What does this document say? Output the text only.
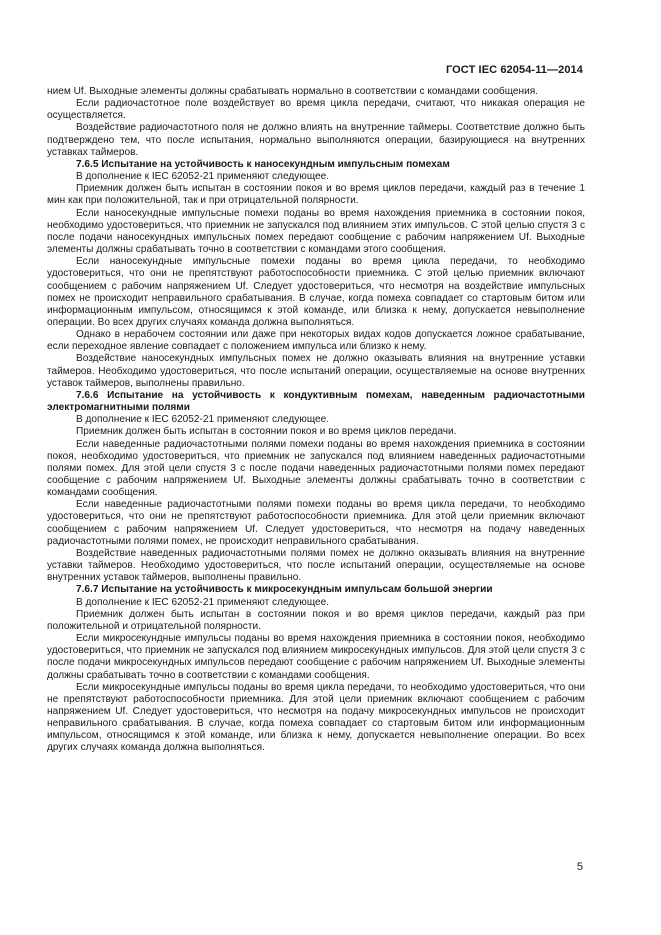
ГОСТ IEC 62054-11—2014

нием Uf. Выходные элементы должны срабатывать нормально в соответствии с командами сообщения.

Если радиочастотное поле воздействует во время цикла передачи, считают, что никакая операция не осуществляется.

Воздействие радиочастотного поля не должно влиять на внутренние таймеры. Соответствие должно быть подтверждено тем, что после испытания, нормально выполняются операции, базирующиеся на внутренних уставках таймеров.

7.6.5 Испытание на устойчивость к наносекундным импульсным помехам

В дополнение к IEC 62052-21 применяют следующее.

Приемник должен быть испытан в состоянии покоя и во время циклов передачи, каждый раз в течение 1 мин как при положительной, так и при отрицательной полярности.

Если наносекундные импульсные помехи поданы во время нахождения приемника в состоянии покоя, необходимо удостовериться, что приемник не запускался под влиянием этих импульсов. С этой целью спустя 3 с после подачи наносекундных импульсных помех передают сообщение с рабочим напряжением Uf. Выходные элементы должны срабатывать точно в соответствии с командами этого сообщения.

Если наносекундные импульсные помехи поданы во время цикла передачи, то необходимо удостовериться, что они не препятствуют работоспособности приемника. С этой целью приемник включают сообщением с рабочим напряжением Uf. Следует удостовериться, что несмотря на воздействие импульсных помех не происходит неправильного срабатывания. В случае, когда помеха совпадает со стартовым битом или информационным импульсом, относящимся к этой команде, или близка к нему, допускается невыполнение операции. Во всех других случаях команда должна выполняться.

Однако в нерабочем состоянии или даже при некоторых видах кодов допускается ложное срабатывание, если переходное явление совпадает с положением импульса или близко к нему.

Воздействие наносекундных импульсных помех не должно оказывать влияния на внутренние уставки таймеров. Необходимо удостовериться, что после испытаний операции, осуществляемые на основе внутренних уставок таймеров, выполнены правильно.

7.6.6 Испытание на устойчивость к кондуктивным помехам, наведенным радиочастотными электромагнитными полями

В дополнение к IEC 62052-21 применяют следующее.

Приемник должен быть испытан в состоянии покоя и во время циклов передачи.

Если наведенные радиочастотными полями помехи поданы во время нахождения приемника в состоянии покоя, необходимо удостовериться, что приемник не запускался под влиянием наведенных радиочастотными полями помех. Для этой цели спустя 3 с после подачи наведенных радиочастотными полями помех передают сообщение с рабочим напряжением Uf. Выходные элементы должны срабатывать точно в соответствии с командами сообщения.

Если наведенные радиочастотными полями помехи поданы во время цикла передачи, то необходимо удостовериться, что они не препятствуют работоспособности приемника. Для этой цели приемник включают сообщением с рабочим напряжением Uf. Следует удостовериться, что несмотря на подачу наведенных радиочастотными полями помех, не происходит неправильного срабатывания.

Воздействие наведенных радиочастотными полями помех не должно оказывать влияния на внутренние уставки таймеров. Необходимо удостовериться, что после испытаний операции, осуществляемые на основе внутренних уставок таймеров, выполнены правильно.

7.6.7 Испытание на устойчивость к микросекундным импульсам большой энергии

В дополнение к IEC 62052-21 применяют следующее.

Приемник должен быть испытан в состоянии покоя и во время циклов передачи, каждый раз при положительной и отрицательной полярности.

Если микросекундные импульсы поданы во время нахождения приемника в состоянии покоя, необходимо удостовериться, что приемник не запускался под влиянием микросекундных импульсов. Для этой цели спустя 3 с после подачи микросекундных импульсов передают сообщение с рабочим напряжением Uf. Выходные элементы должны срабатывать точно в соответствии с командами сообщения.

Если микросекундные импульсы поданы во время цикла передачи, то необходимо удостовериться, что они не препятствуют работоспособности приемника. Для этой цели приемник включают сообщением с рабочим напряжением Uf. Следует удостовериться, что несмотря на подачу микросекундных импульсов не происходит неправильного срабатывания. В случае, когда помеха совпадает со стартовым битом или информационным импульсом, относящимся к этой команде, или близка к нему, допускается невыполнение операции. Во всех других случаях команда должна выполняться.

5
